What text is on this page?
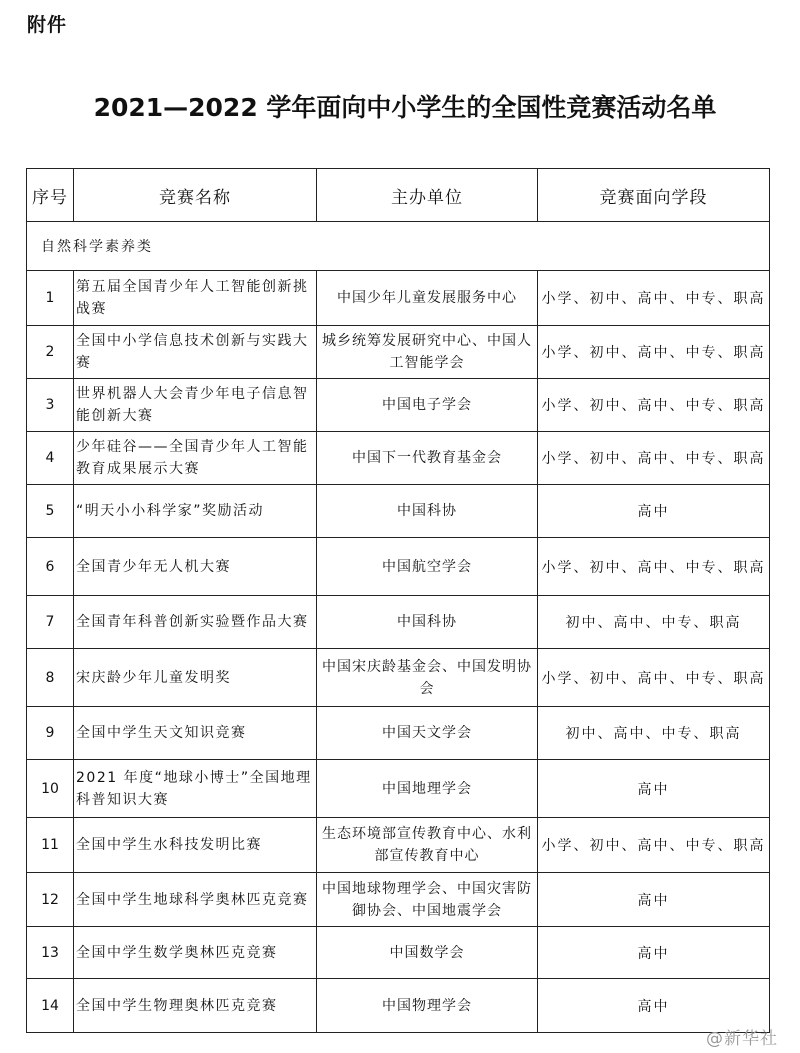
附件
2021—2022 学年面向中小学生的全国性竞赛活动名单
序号	竞赛名称	主办单位	竞赛面向学段
自然科学素养类			
1	第五届全国青少年人工智能创新挑战赛	中国少年儿童发展服务中心	小学、初中、高中、中专、职高
2	全国中小学信息技术创新与实践大赛	城乡统筹发展研究中心、中国人工智能学会	小学、初中、高中、中专、职高
3	世界机器人大会青少年电子信息智能创新大赛	中国电子学会	小学、初中、高中、中专、职高
4	少年硅谷——全国青少年人工智能教育成果展示大赛	中国下一代教育基金会	小学、初中、高中、中专、职高
5	“明天小小科学家”奖励活动	中国科协	高中
6	全国青少年无人机大赛	中国航空学会	小学、初中、高中、中专、职高
7	全国青年科普创新实验暨作品大赛	中国科协	初中、高中、中专、职高
8	宋庆龄少年儿童发明奖	中国宋庆龄基金会、中国发明协会	小学、初中、高中、中专、职高
9	全国中学生天文知识竞赛	中国天文学会	初中、高中、中专、职高
10	2021 年度“地球小博士”全国地理科普知识大赛	中国地理学会	高中
11	全国中学生水科技发明比赛	生态环境部宣传教育中心、水利部宣传教育中心	小学、初中、高中、中专、职高
12	全国中学生地球科学奥林匹克竞赛	中国地球物理学会、中国灾害防御协会、中国地震学会	高中
13	全国中学生数学奥林匹克竞赛	中国数学会	高中
14	全国中学生物理奥林匹克竞赛	中国物理学会	高中
@新华社
